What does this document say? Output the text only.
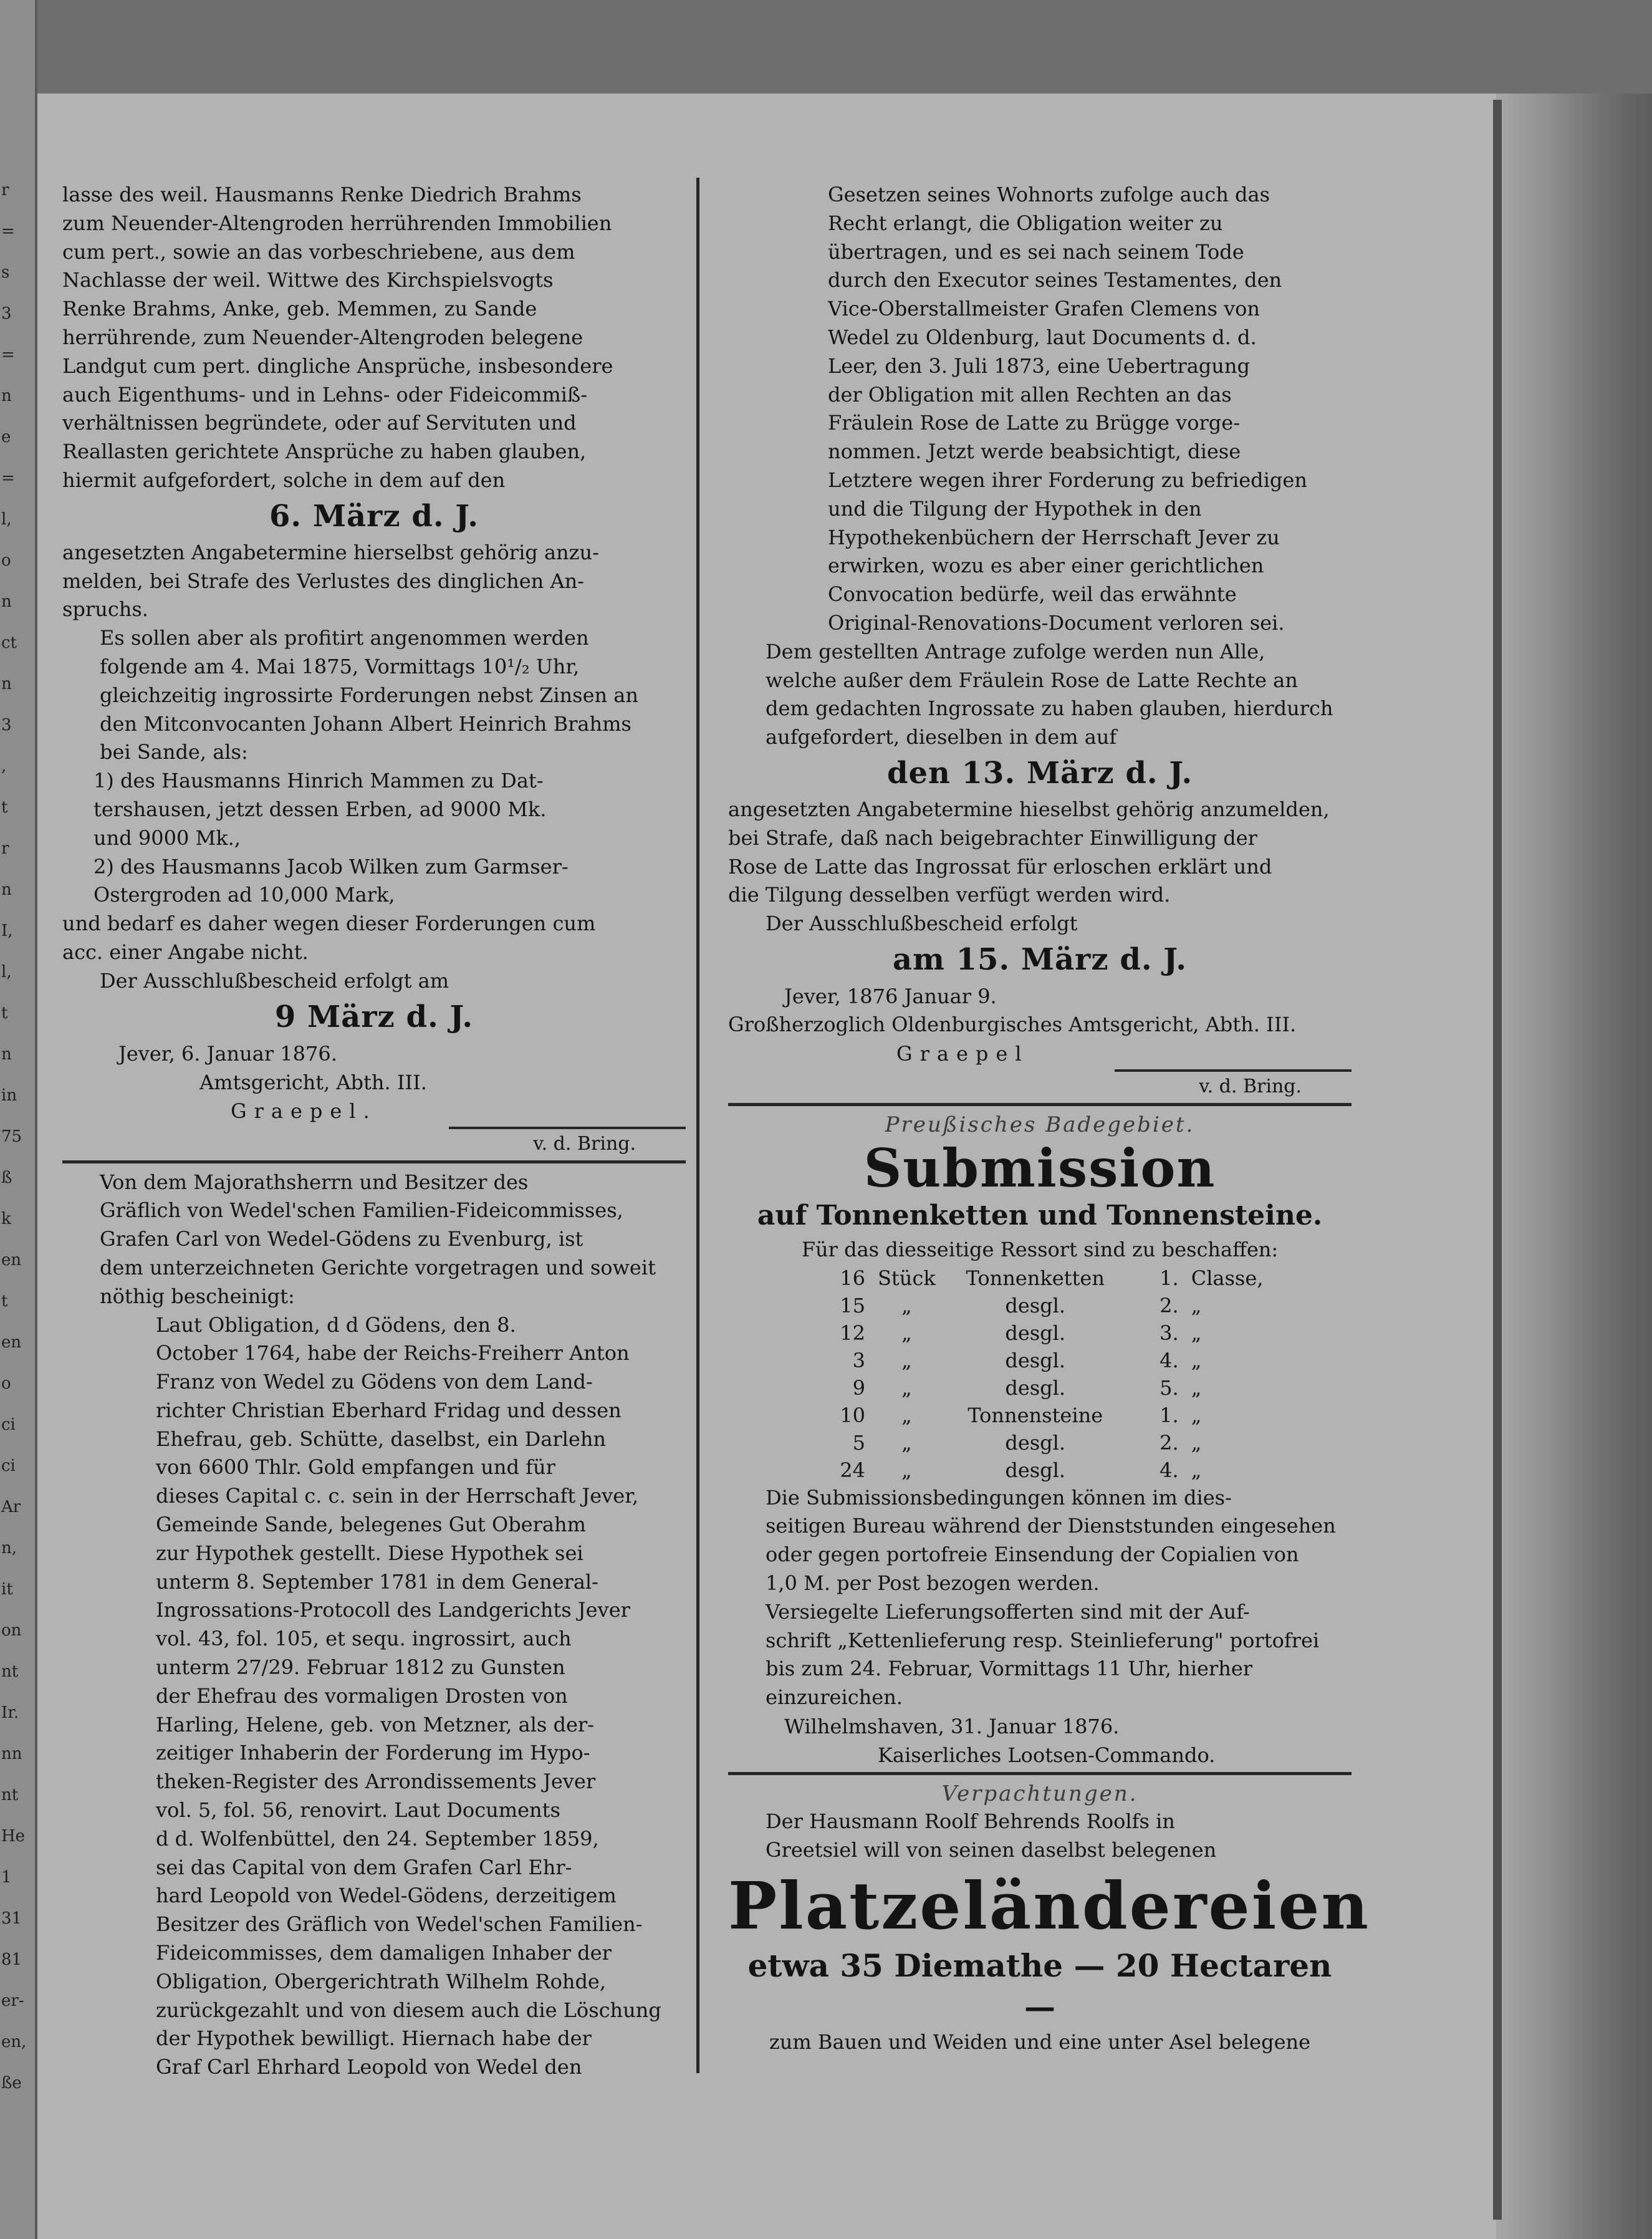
r
=
s
3
=
n
e
=
l,
o
n
ct
n
3
,
t
r
n
I,
l,
t
n
in
75
ß
k
en
t
en
o
ci
ci
Ar
n,
it
on
nt
Ir.
nn
nt
He
1
31
81
er-
en,
ße
lasse des weil. Hausmanns Renke Diedrich Brahms
zum Neuender-Altengroden herrührenden Immobilien
cum pert., sowie an das vorbeschriebene, aus dem
Nachlasse der weil. Wittwe des Kirchspielsvogts
Renke Brahms, Anke, geb. Memmen, zu Sande
herrührende, zum Neuender-Altengroden belegene
Landgut cum pert. dingliche Ansprüche, insbesondere
auch Eigenthums- und in Lehns- oder Fideicommiß-
verhältnissen begründete, oder auf Servituten und
Reallasten gerichtete Ansprüche zu haben glauben,
hiermit aufgefordert, solche in dem auf den
6. März d. J.
angesetzten Angabetermine hierselbst gehörig anzu-
melden, bei Strafe des Verlustes des dinglichen An-
spruchs.
Es sollen aber als profitirt angenommen werden
folgende am 4. Mai 1875, Vormittags 10¹/₂ Uhr,
gleichzeitig ingrossirte Forderungen nebst Zinsen an
den Mitconvocanten Johann Albert Heinrich Brahms
bei Sande, als:
1) des Hausmanns Hinrich Mammen zu Dat-
tershausen, jetzt dessen Erben, ad 9000 Mk.
und 9000 Mk.,
2) des Hausmanns Jacob Wilken zum Garmser-
Ostergroden ad 10,000 Mark,
und bedarf es daher wegen dieser Forderungen cum
acc. einer Angabe nicht.
Der Ausschlußbescheid erfolgt am
9 März d. J.
Jever, 6. Januar 1876.
Amtsgericht, Abth. III.
Graepel.
v. d. Bring.
Von dem Majorathsherrn und Besitzer des
Gräflich von Wedel'schen Familien-Fideicommisses,
Grafen Carl von Wedel-Gödens zu Evenburg, ist
dem unterzeichneten Gerichte vorgetragen und soweit
nöthig bescheinigt:
Laut Obligation, d d Gödens, den 8.
October 1764, habe der Reichs-Freiherr Anton
Franz von Wedel zu Gödens von dem Land-
richter Christian Eberhard Fridag und dessen
Ehefrau, geb. Schütte, daselbst, ein Darlehn
von 6600 Thlr. Gold empfangen und für
dieses Capital c. c. sein in der Herrschaft Jever,
Gemeinde Sande, belegenes Gut Oberahm
zur Hypothek gestellt. Diese Hypothek sei
unterm 8. September 1781 in dem General-
Ingrossations-Protocoll des Landgerichts Jever
vol. 43, fol. 105, et sequ. ingrossirt, auch
unterm 27/29. Februar 1812 zu Gunsten
der Ehefrau des vormaligen Drosten von
Harling, Helene, geb. von Metzner, als der-
zeitiger Inhaberin der Forderung im Hypo-
theken-Register des Arrondissements Jever
vol. 5, fol. 56, renovirt. Laut Documents
d d. Wolfenbüttel, den 24. September 1859,
sei das Capital von dem Grafen Carl Ehr-
hard Leopold von Wedel-Gödens, derzeitigem
Besitzer des Gräflich von Wedel'schen Familien-
Fideicommisses, dem damaligen Inhaber der
Obligation, Obergerichtrath Wilhelm Rohde,
zurückgezahlt und von diesem auch die Löschung
der Hypothek bewilligt. Hiernach habe der
Graf Carl Ehrhard Leopold von Wedel den
Gesetzen seines Wohnorts zufolge auch das
Recht erlangt, die Obligation weiter zu
übertragen, und es sei nach seinem Tode
durch den Executor seines Testamentes, den
Vice-Oberstallmeister Grafen Clemens von
Wedel zu Oldenburg, laut Documents d. d.
Leer, den 3. Juli 1873, eine Uebertragung
der Obligation mit allen Rechten an das
Fräulein Rose de Latte zu Brügge vorge-
nommen. Jetzt werde beabsichtigt, diese
Letztere wegen ihrer Forderung zu befriedigen
und die Tilgung der Hypothek in den
Hypothekenbüchern der Herrschaft Jever zu
erwirken, wozu es aber einer gerichtlichen
Convocation bedürfe, weil das erwähnte
Original-Renovations-Document verloren sei.
Dem gestellten Antrage zufolge werden nun Alle,
welche außer dem Fräulein Rose de Latte Rechte an
dem gedachten Ingrossate zu haben glauben, hierdurch
aufgefordert, dieselben in dem auf
den 13. März d. J.
angesetzten Angabetermine hieselbst gehörig anzumelden,
bei Strafe, daß nach beigebrachter Einwilligung der
Rose de Latte das Ingrossat für erloschen erklärt und
die Tilgung desselben verfügt werden wird.
Der Ausschlußbescheid erfolgt
am 15. März d. J.
Jever, 1876 Januar 9.
Großherzoglich Oldenburgisches Amtsgericht, Abth. III.
Graepel
v. d. Bring.
Preußisches Badegebiet.
Submission
auf Tonnenketten und Tonnensteine.
Für das diesseitige Ressort sind zu beschaffen:
16	Stück	Tonnenketten	1.	Classe,
15	„	desgl.	2.	„
12	„	desgl.	3.	„
3	„	desgl.	4.	„
9	„	desgl.	5.	„
10	„	Tonnensteine	1.	„
5	„	desgl.	2.	„
24	„	desgl.	4.	„
Die Submissionsbedingungen können im dies-
seitigen Bureau während der Dienststunden eingesehen
oder gegen portofreie Einsendung der Copialien von
1,0 M. per Post bezogen werden.
Versiegelte Lieferungsofferten sind mit der Auf-
schrift „Kettenlieferung resp. Steinlieferung" portofrei
bis zum 24. Februar, Vormittags 11 Uhr, hierher
einzureichen.
Wilhelmshaven, 31. Januar 1876.
Kaiserliches Lootsen-Commando.
Verpachtungen.
Der Hausmann Roolf Behrends Roolfs in
Greetsiel will von seinen daselbst belegenen
Platzeländereien
etwa 35 Diemathe — 20 Hectaren —
zum Bauen und Weiden und eine unter Asel belegene
